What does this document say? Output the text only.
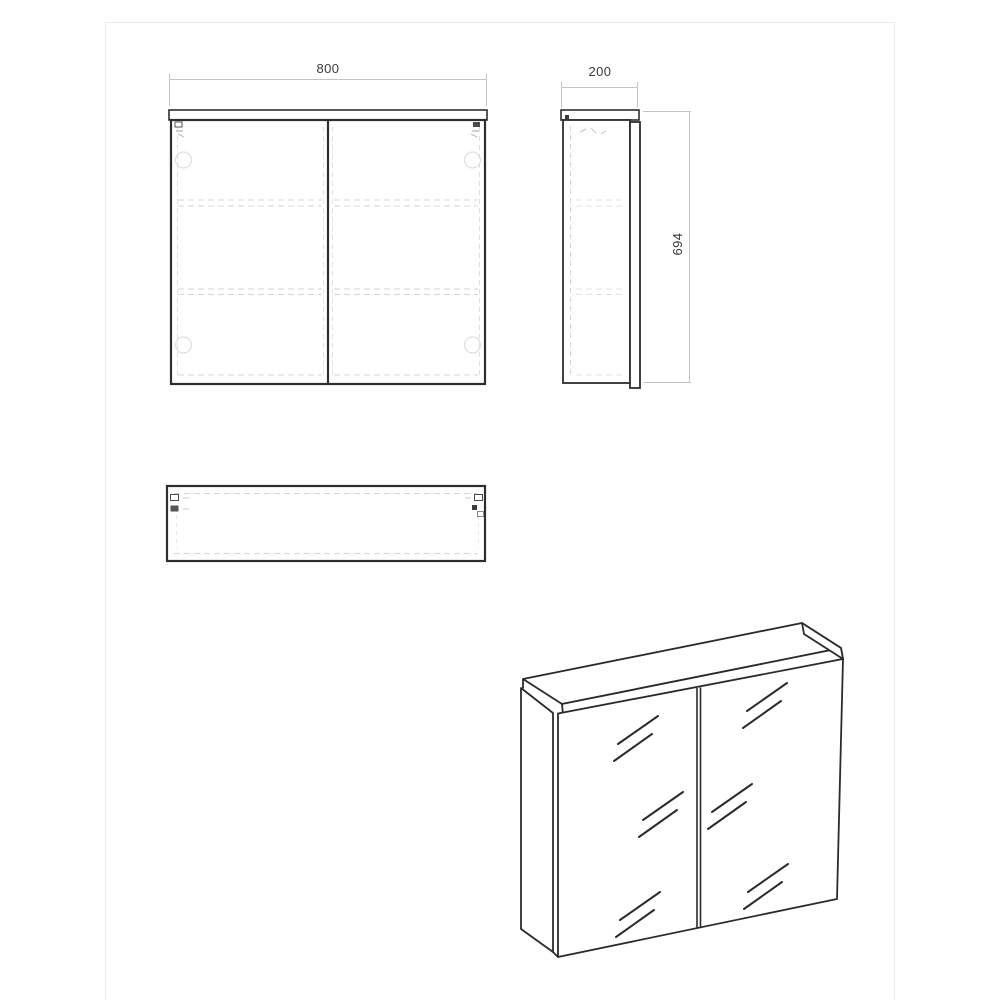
800	200
694
